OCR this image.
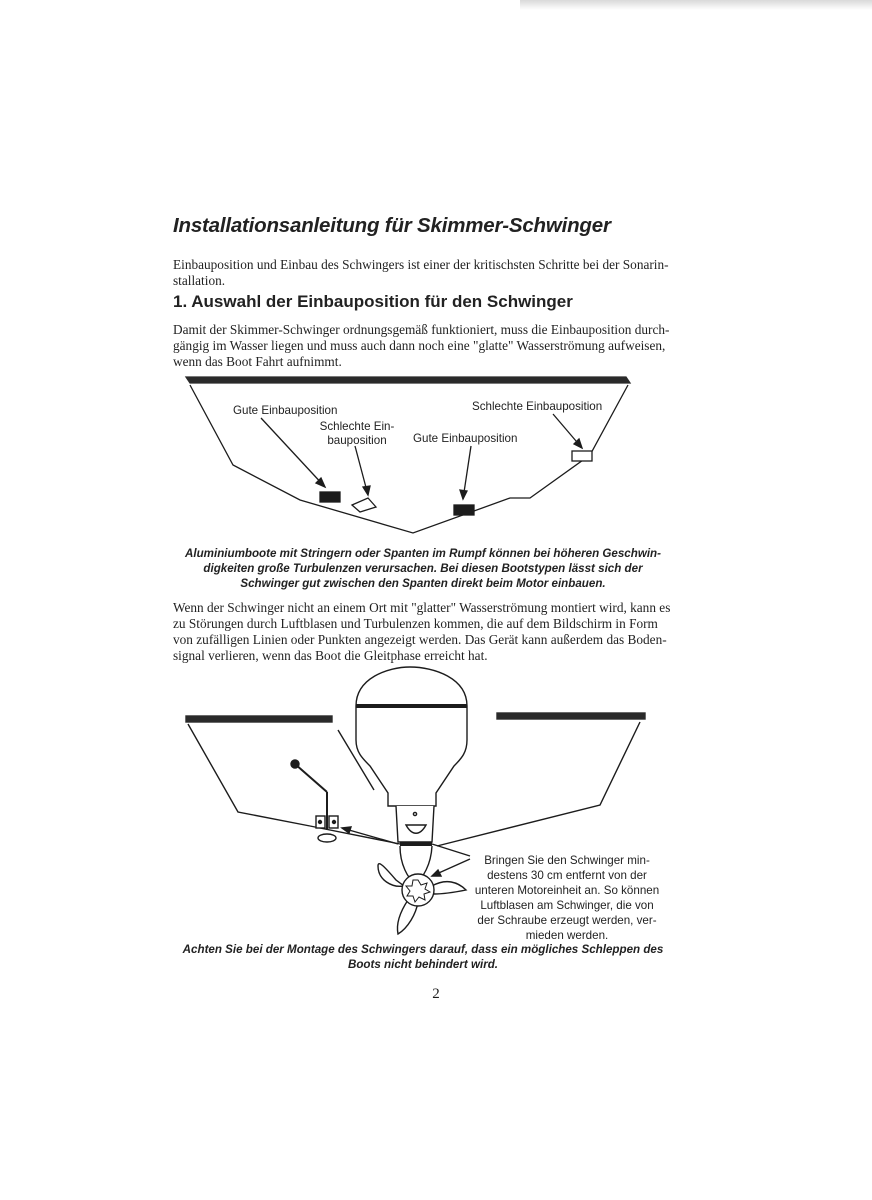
Installationsanleitung für Skimmer-Schwinger
Einbauposition und Einbau des Schwingers ist einer der kritischsten Schritte bei der Sonarin-
stallation.
1. Auswahl der Einbauposition für den Schwinger
Damit der Skimmer-Schwinger ordnungsgemäß funktioniert, muss die Einbauposition durch-
gängig im Wasser liegen und muss auch dann noch eine "glatte" Wasserströmung aufweisen,
wenn das Boot Fahrt aufnimmt.
Gute Einbauposition
Schlechte Ein-
bauposition	Gute Einbauposition
Schlechte Einbauposition
Aluminiumboote mit Stringern oder Spanten im Rumpf können bei höheren Geschwin-
digkeiten große Turbulenzen verursachen. Bei diesen Bootstypen lässt sich der
Schwinger gut zwischen den Spanten direkt beim Motor einbauen.
Wenn der Schwinger nicht an einem Ort mit "glatter" Wasserströmung montiert wird, kann es
zu Störungen durch Luftblasen und Turbulenzen kommen, die auf dem Bildschirm in Form
von zufälligen Linien oder Punkten angezeigt werden. Das Gerät kann außerdem das Boden-
signal verlieren, wenn das Boot die Gleitphase erreicht hat.
Bringen Sie den Schwinger min-
destens 30 cm entfernt von der
unteren Motoreinheit an. So können
Luftblasen am Schwinger, die von
der Schraube erzeugt werden, ver-
mieden werden.
Achten Sie bei der Montage des Schwingers darauf, dass ein mögliches Schleppen des
Boots nicht behindert wird.

2
